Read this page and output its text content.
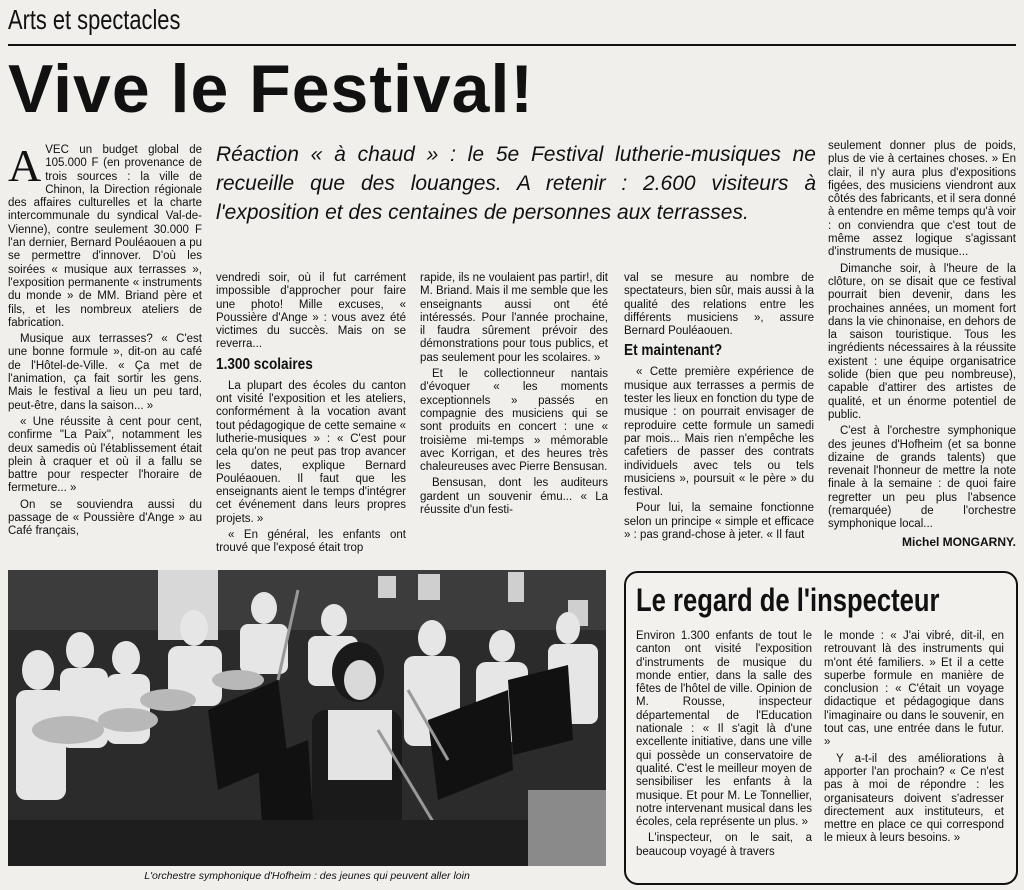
Arts et spectacles
Vive le Festival!
A VEC un budget global de 105.000 F (en provenance de trois sources : la ville de Chinon, la Direction régionale des affaires culturelles et la charte intercommunale du syndical Val-de-Vienne), contre seulement 30.000 F l'an dernier, Bernard Pouléaouen a pu se permettre d'innover. D'où les soirées « musique aux terrasses », l'exposition permanente « instruments du monde » de MM. Briand père et fils, et les nombreux ateliers de fabrication.

Musique aux terrasses? « C'est une bonne formule », dit-on au café de l'Hôtel-de-Ville. « Ça met de l'animation, ça fait sortir les gens. Mais le festival a lieu un peu tard, peut-être, dans la saison... »

« Une réussite à cent pour cent, confirme "La Paix", notamment les deux samedis où l'établissement était plein à craquer et où il a fallu se battre pour respecter l'horaire de fermeture... »

On se souviendra aussi du passage de « Poussière d'Ange » au Café français,

Réaction « à chaud » : le 5e Festival lutherie-musiques ne recueille que des louanges. A retenir : 2.600 visiteurs à l'exposition et des centaines de personnes aux terrasses.

vendredi soir, où il fut carrément impossible d'approcher pour faire une photo! Mille excuses, « Poussière d'Ange » : vous avez été victimes du succès. Mais on se reverra...

1.300 scolaires

La plupart des écoles du canton ont visité l'exposition et les ateliers, conformément à la vocation avant tout pédagogique de cette semaine « lutherie-musiques » : « C'est pour cela qu'on ne peut pas trop avancer les dates, explique Bernard Pouléaouen. Il faut que les enseignants aient le temps d'intégrer cet événement dans leurs propres projets. »

« En général, les enfants ont trouvé que l'exposé était trop

rapide, ils ne voulaient pas partir!, dit M. Briand. Mais il me semble que les enseignants aussi ont été intéressés. Pour l'année prochaine, il faudra sûrement prévoir des démonstrations pour tous publics, et pas seulement pour les scolaires. »

Et le collectionneur nantais d'évoquer « les moments exceptionnels » passés en compagnie des musiciens qui se sont produits en concert : une « troisième mi-temps » mémorable avec Korrigan, et des heures très chaleureuses avec Pierre Bensusan.

Bensusan, dont les auditeurs gardent un souvenir ému... « La réussite d'un festi-

val se mesure au nombre de spectateurs, bien sûr, mais aussi à la qualité des relations entre les différents musiciens », assure Bernard Pouléaouen.

Et maintenant?

« Cette première expérience de musique aux terrasses a permis de tester les lieux en fonction du type de musique : on pourrait envisager de reproduire cette formule un samedi par mois... Mais rien n'empêche les cafetiers de passer des contrats individuels avec tels ou tels musiciens », poursuit « le père » du festival.

Pour lui, la semaine fonctionne selon un principe « simple et efficace » : pas grand-chose à jeter. « Il faut

seulement donner plus de poids, plus de vie à certaines choses. » En clair, il n'y aura plus d'expositions figées, des musiciens viendront aux côtés des fabricants, et il sera donné à entendre en même temps qu'à voir : on conviendra que c'est tout de même assez logique s'agissant d'instruments de musique...

Dimanche soir, à l'heure de la clôture, on se disait que ce festival pourrait bien devenir, dans les prochaines années, un moment fort dans la vie chinonaise, en dehors de la saison touristique. Tous les ingrédients nécessaires à la réussite existent : une équipe organisatrice solide (bien que peu nombreuse), capable d'attirer des artistes de qualité, et un énorme potentiel de public.

C'est à l'orchestre symphonique des jeunes d'Hofheim (et sa bonne dizaine de grands talents) que revenait l'honneur de mettre la note finale à la semaine : de quoi faire regretter un peu plus l'absence (remarquée) de l'orchestre symphonique local...

Michel MONGARNY.
L'orchestre symphonique d'Hofheim : des jeunes qui peuvent aller loin
Le regard de l'inspecteur

Environ 1.300 enfants de tout le canton ont visité l'exposition d'instruments de musique du monde entier, dans la salle des fêtes de l'hôtel de ville. Opinion de M. Rousse, inspecteur départemental de l'Education nationale : « Il s'agit là d'une excellente initiative, dans une ville qui possède un conservatoire de qualité. C'est le meilleur moyen de sensibiliser les enfants à la musique. Et pour M. Le Tonnellier, notre intervenant musical dans les écoles, cela représente un plus. »

L'inspecteur, on le sait, a beaucoup voyagé à travers

le monde : « J'ai vibré, dit-il, en retrouvant là des instruments qui m'ont été familiers. » Et il a cette superbe formule en manière de conclusion : « C'était un voyage didactique et pédagogique dans l'imaginaire ou dans le souvenir, en tout cas, une entrée dans le futur. »

Y a-t-il des améliorations à apporter l'an prochain? « Ce n'est pas à moi de répondre : les organisateurs doivent s'adresser directement aux instituteurs, et mettre en place ce qui correspond le mieux à leurs besoins. »
